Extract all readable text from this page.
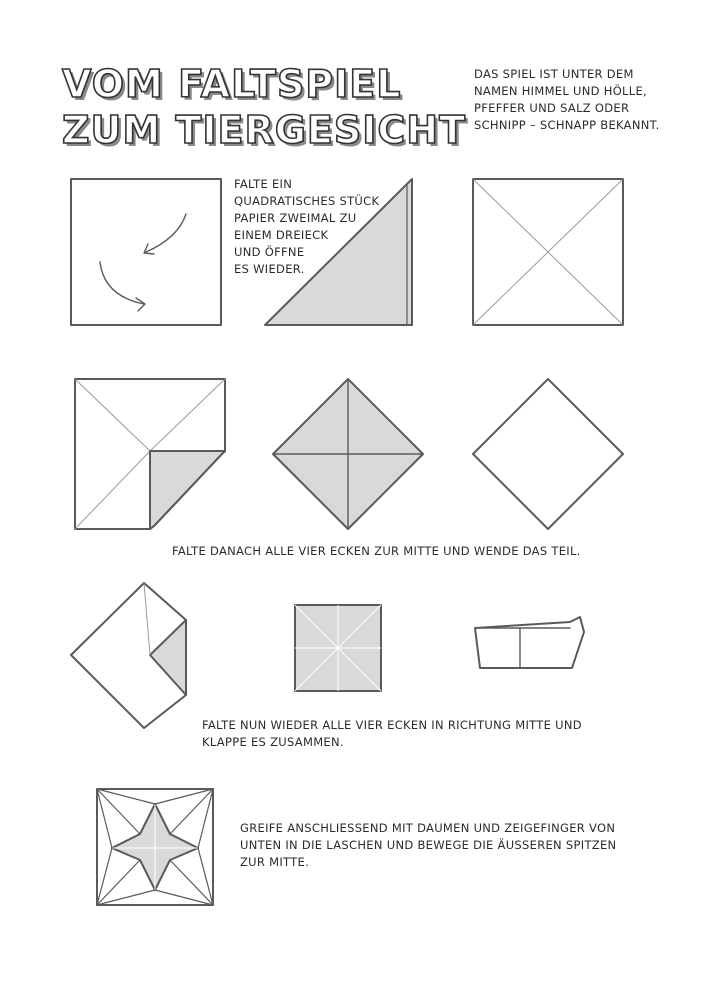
VOM FALTSPIEL
ZUM TIERGESICHT
DAS SPIEL IST UNTER DEM
NAMEN HIMMEL UND HÖLLE,
PFEFFER UND SALZ ODER
SCHNIPP – SCHNAPP BEKANNT.
FALTE EIN
QUADRATISCHES STÜCK
PAPIER ZWEIMAL ZU
EINEM DREIECK
UND ÖFFNE
ES WIEDER.
FALTE DANACH ALLE VIER ECKEN ZUR MITTE UND WENDE DAS TEIL.
FALTE NUN WIEDER ALLE VIER ECKEN IN RICHTUNG MITTE UND
KLAPPE ES ZUSAMMEN.
GREIFE ANSCHLIESSEND MIT DAUMEN UND ZEIGEFINGER VON
UNTEN IN DIE LASCHEN UND BEWEGE DIE ÄUSSEREN SPITZEN
ZUR MITTE.
